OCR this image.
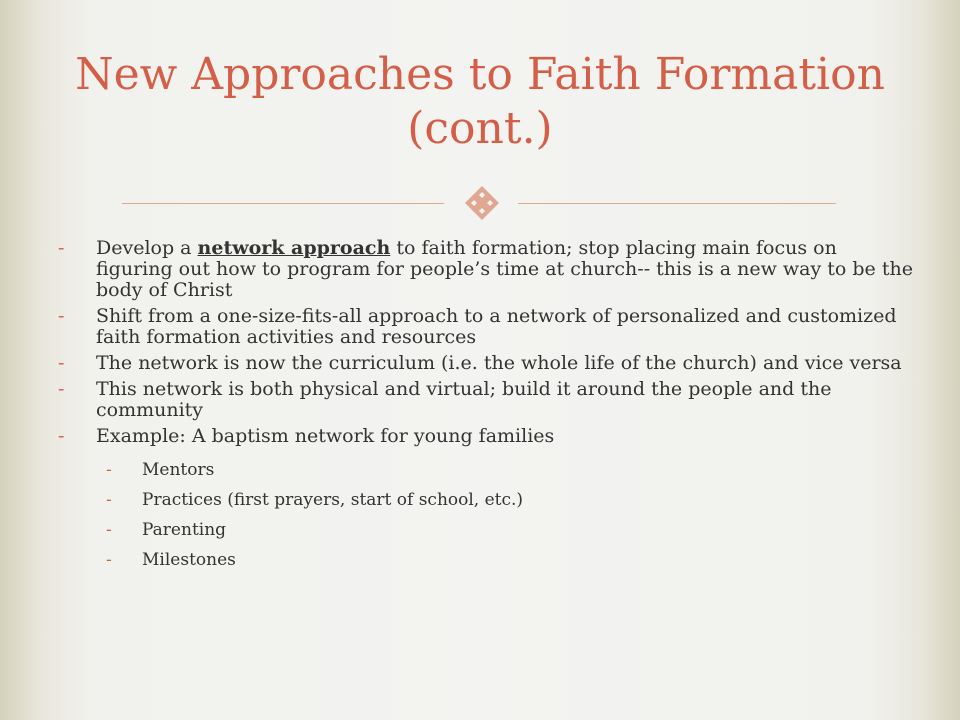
New Approaches to Faith Formation (cont.)
- Develop a network approach to faith formation; stop placing main focus on figuring out how to program for people’s time at church-- this is a new way to be the body of Christ
- Shift from a one-size-fits-all approach to a network of personalized and customized faith formation activities and resources
- The network is now the curriculum (i.e. the whole life of the church) and vice versa
- This network is both physical and virtual; build it around the people and the community
- Example: A baptism network for young families
- Mentors
- Practices (first prayers, start of school, etc.)
- Parenting
- Milestones
